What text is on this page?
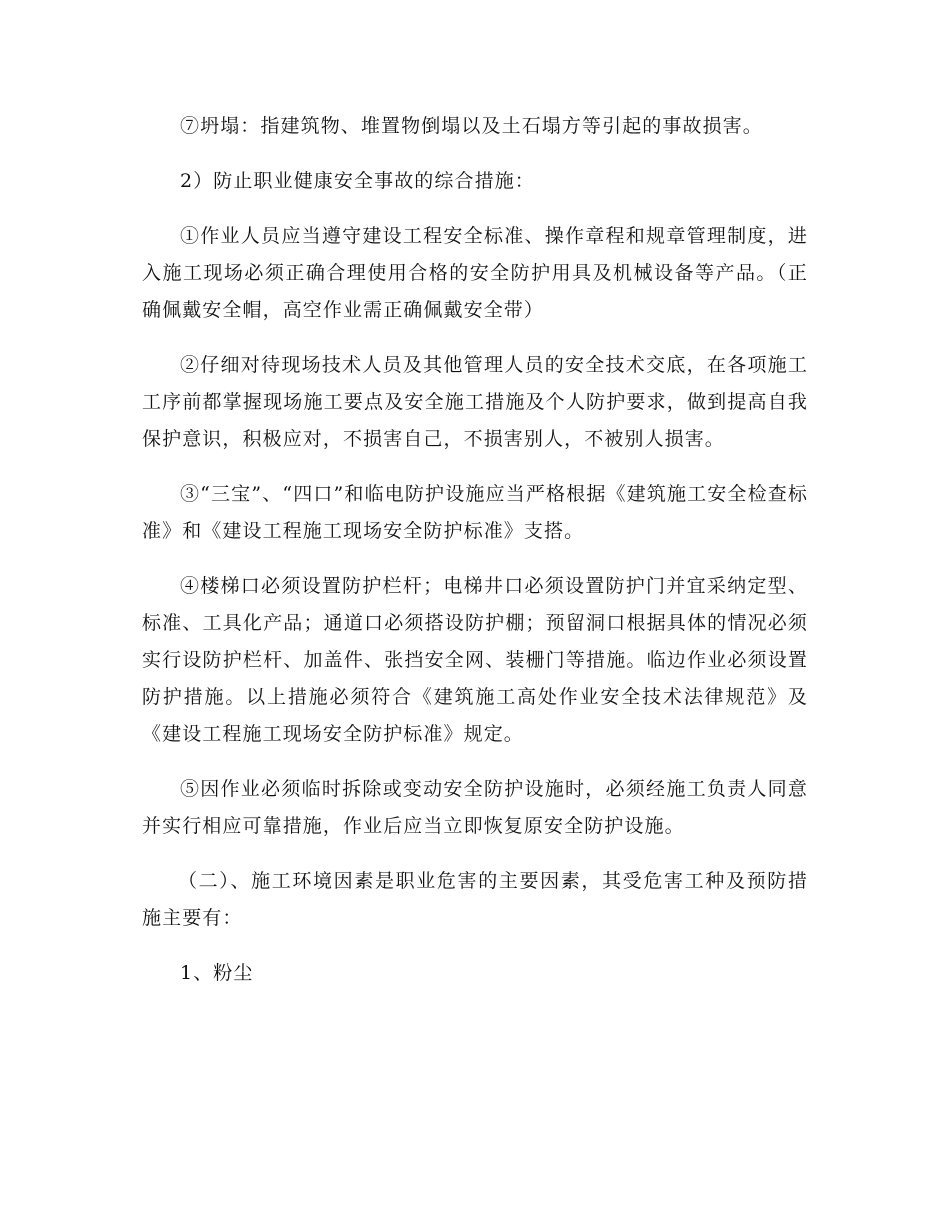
⑦坍塌：指建筑物、堆置物倒塌以及土石塌方等引起的事故损害。

2）防止职业健康安全事故的综合措施：

①作业人员应当遵守建设工程安全标准、操作章程和规章管理制度，进入施工现场必须正确合理使用合格的安全防护用具及机械设备等产品。（正确佩戴安全帽，高空作业需正确佩戴安全带）

②仔细对待现场技术人员及其他管理人员的安全技术交底，在各项施工工序前都掌握现场施工要点及安全施工措施及个人防护要求，做到提高自我保护意识，积极应对，不损害自己，不损害别人，不被别人损害。

③“三宝”、“四口”和临电防护设施应当严格根据《建筑施工安全检查标准》和《建设工程施工现场安全防护标准》支搭。

④楼梯口必须设置防护栏杆；电梯井口必须设置防护门并宜采纳定型、标准、工具化产品；通道口必须搭设防护棚；预留洞口根据具体的情况必须实行设防护栏杆、加盖件、张挡安全网、装栅门等措施。临边作业必须设置防护措施。以上措施必须符合《建筑施工高处作业安全技术法律规范》及《建设工程施工现场安全防护标准》规定。

⑤因作业必须临时拆除或变动安全防护设施时，必须经施工负责人同意并实行相应可靠措施，作业后应当立即恢复原安全防护设施。

（二）、施工环境因素是职业危害的主要因素，其受危害工种及预防措施主要有：

1、粉尘
